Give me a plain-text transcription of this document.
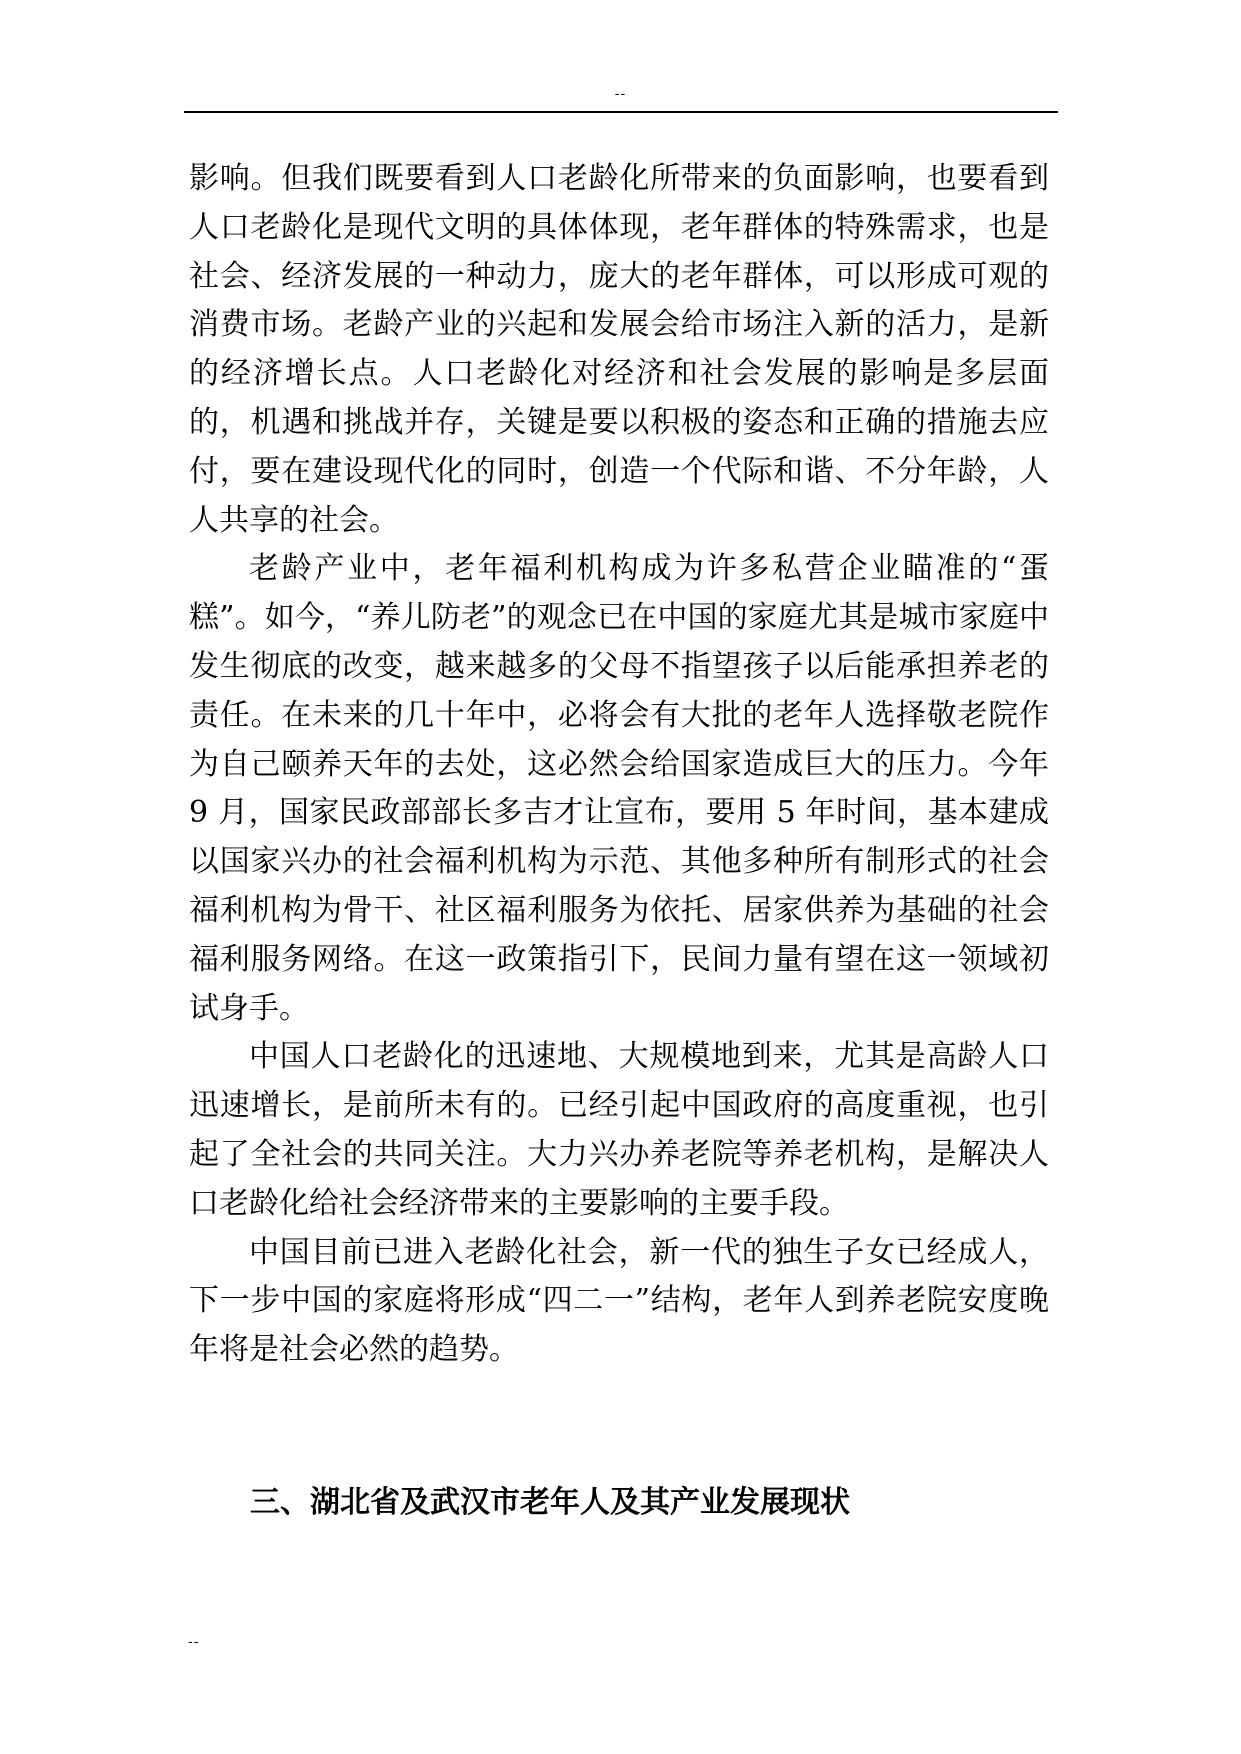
--

影响。但我们既要看到人口老龄化所带来的负面影响，也要看到人口老龄化是现代文明的具体体现，老年群体的特殊需求，也是社会、经济发展的一种动力，庞大的老年群体，可以形成可观的消费市场。老龄产业的兴起和发展会给市场注入新的活力，是新的经济增长点。人口老龄化对经济和社会发展的影响是多层面的，机遇和挑战并存，关键是要以积极的姿态和正确的措施去应付，要在建设现代化的同时，创造一个代际和谐、不分年龄，人人共享的社会。

老龄产业中，老年福利机构成为许多私营企业瞄准的“蛋糕”。如今，“养儿防老”的观念已在中国的家庭尤其是城市家庭中发生彻底的改变，越来越多的父母不指望孩子以后能承担养老的责任。在未来的几十年中，必将会有大批的老年人选择敬老院作为自己颐养天年的去处，这必然会给国家造成巨大的压力。今年 9 月，国家民政部部长多吉才让宣布，要用 5 年时间，基本建成以国家兴办的社会福利机构为示范、其他多种所有制形式的社会福利机构为骨干、社区福利服务为依托、居家供养为基础的社会福利服务网络。在这一政策指引下，民间力量有望在这一领域初试身手。

中国人口老龄化的迅速地、大规模地到来，尤其是高龄人口迅速增长，是前所未有的。已经引起中国政府的高度重视，也引起了全社会的共同关注。大力兴办养老院等养老机构，是解决人口老龄化给社会经济带来的主要影响的主要手段。

中国目前已进入老龄化社会，新一代的独生子女已经成人，下一步中国的家庭将形成“四二一”结构，老年人到养老院安度晚年将是社会必然的趋势。

三、湖北省及武汉市老年人及其产业发展现状
--
